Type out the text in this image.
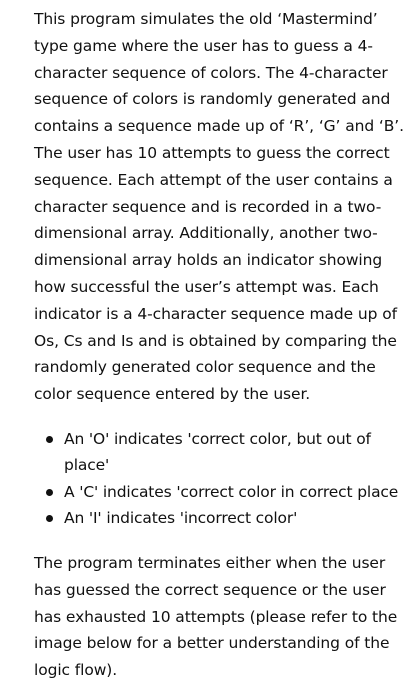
This program simulates the old ‘Mastermind’ type game where the user has to guess a 4-character sequence of colors. The 4-character sequence of colors is randomly generated and contains a sequence made up of ‘R’, ‘G’ and ‘B’. The user has 10 attempts to guess the correct sequence. Each attempt of the user contains a character sequence and is recorded in a two-dimensional array. Additionally, another two-dimensional array holds an indicator showing how successful the user’s attempt was. Each indicator is a 4-character sequence made up of Os, Cs and Is and is obtained by comparing the randomly generated color sequence and the color sequence entered by the user.

An 'O' indicates 'correct color, but out of place'
A 'C' indicates 'correct color in correct place
An 'I' indicates 'incorrect color'

The program terminates either when the user has guessed the correct sequence or the user has exhausted 10 attempts (please refer to the image below for a better understanding of the logic flow).
